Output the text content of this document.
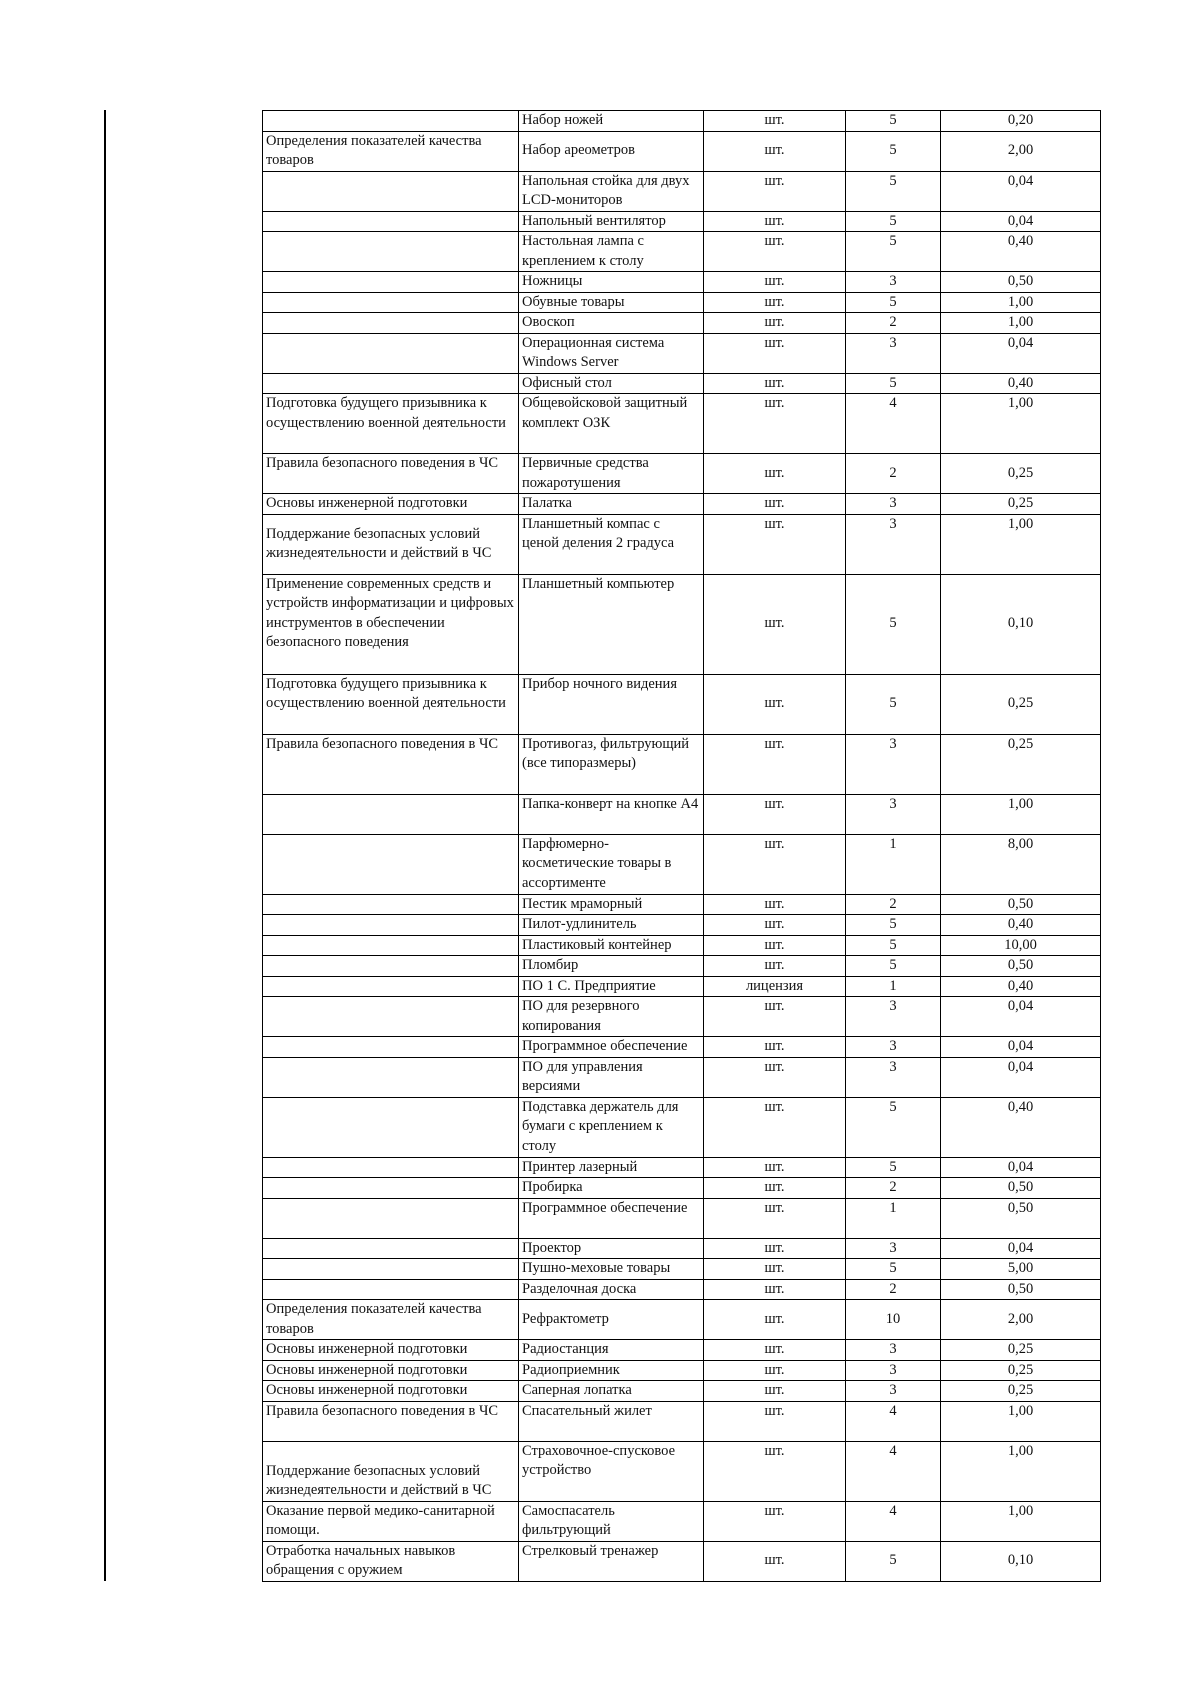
	Набор ножей	шт.	5	0,20
Определения показателей качества товаров	Набор ареометров	шт.	5	2,00
	Напольная стойка для двух LCD-мониторов	шт.	5	0,04
	Напольный вентилятор	шт.	5	0,04
	Настольная лампа с креплением к столу	шт.	5	0,40
	Ножницы	шт.	3	0,50
	Обувные товары	шт.	5	1,00
	Овоскоп	шт.	2	1,00
	Операционная система Windows Server	шт.	3	0,04
	Офисный стол	шт.	5	0,40
Подготовка будущего призывника к осуществлению военной деятельности	Общевойсковой защитный комплект ОЗК	шт.	4	1,00
Правила безопасного поведения в ЧС	Первичные средства пожаротушения	шт.	2	0,25
Основы инженерной подготовки	Палатка	шт.	3	0,25
Поддержание безопасных условий жизнедеятельности и действий в ЧС	Планшетный компас с ценой деления 2 градуса	шт.	3	1,00
Применение современных средств и устройств информатизации и цифровых инструментов в обеспечении безопасного поведения	Планшетный компьютер	шт.	5	0,10
Подготовка будущего призывника к осуществлению военной деятельности	Прибор ночного видения	шт.	5	0,25
Правила безопасного поведения в ЧС	Противогаз, фильтрующий (все типоразмеры)	шт.	3	0,25
	Папка-конверт на кнопке А4	шт.	3	1,00
	Парфюмерно-косметические товары в ассортименте	шт.	1	8,00
	Пестик мраморный	шт.	2	0,50
	Пилот-удлинитель	шт.	5	0,40
	Пластиковый контейнер	шт.	5	10,00
	Пломбир	шт.	5	0,50
	ПО 1 С. Предприятие	лицензия	1	0,40
	ПО для резервного копирования	шт.	3	0,04
	Программное обеспечение	шт.	3	0,04
	ПО для управления версиями	шт.	3	0,04
	Подставка держатель для бумаги с креплением к столу	шт.	5	0,40
	Принтер лазерный	шт.	5	0,04
	Пробирка	шт.	2	0,50
	Программное обеспечение	шт.	1	0,50
	Проектор	шт.	3	0,04
	Пушно-меховые товары	шт.	5	5,00
	Разделочная доска	шт.	2	0,50
Определения показателей качества товаров	Рефрактометр	шт.	10	2,00
Основы инженерной подготовки	Радиостанция	шт.	3	0,25
Основы инженерной подготовки	Радиоприемник	шт.	3	0,25
Основы инженерной подготовки	Саперная лопатка	шт.	3	0,25
Правила безопасного поведения в ЧС	Спасательный жилет	шт.	4	1,00
Поддержание безопасных условий жизнедеятельности и действий в ЧС	Страховочное-спусковое устройство	шт.	4	1,00
Оказание первой медико-санитарной помощи.	Самоспасатель фильтрующий	шт.	4	1,00
Отработка начальных навыков обращения с оружием	Стрелковый тренажер	шт.	5	0,10
